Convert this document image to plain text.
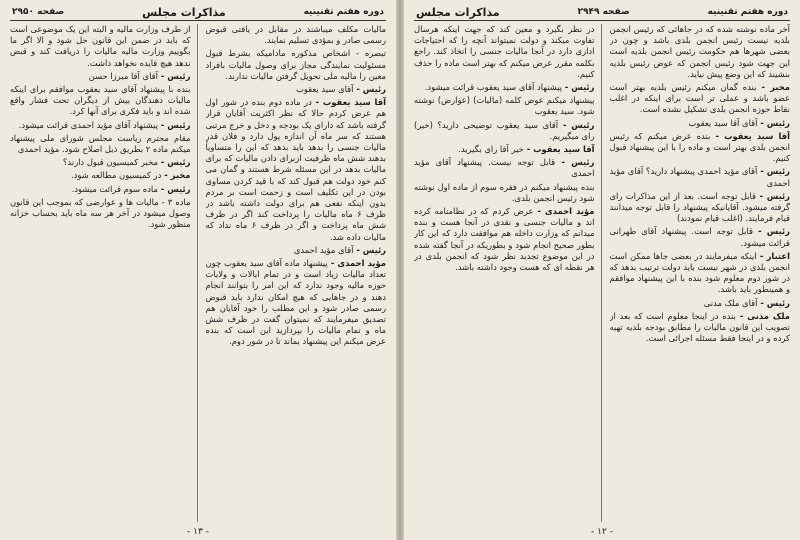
دوره هفتم تقنینیه
مذاکرات مجلس
صفحه ۲۹۵۰

مالیات مکلف میباشند در مقابل در یافتی قبوض رسمی صادر و بمؤدی تسلیم نمایند.

تبصره - اشخاص مذکوره مادامیکه بشرط قبول مسئولیت نمایندگی مجاز برای وصول مالیات بافراد معین را مالیه ملی تحویل گرفتن مالیات ندارند.

رئیس - آقای سید یعقوب

آقا سید یعقوب - در ماده دوم بنده در شور اول هم عرض کردم حالا که نظر اکثریت آقایان قرار گرفته باشد که دارای یک بودجه و دخل و خرج مرتبی هستند که سر ماه آن اندازه پول دارد و فلان قدر مالیات جنسی را بدهد باید بدهد که این را متساویاً بدهند شش ماه ظرفیت ازبرای دادن مالیات که برای مالیات بدهد در این مسئله شرط هستند و گمان می کنم خود دولت هم قبول کند که با قید کردن مساوی بودن در این تکلیف است و زحمت است بر مردم بدون اینکه نفعی هم برای دولت داشته باشد در ظرف ۶ ماه مالیات را پرداخت کند اگر در ظرف شش ماه پرداخت و اگر در ظرف ۶ ماه نداد که مالیات داده شد.

رئیس - آقای مؤید احمدی

مؤید احمدی - پیشنهاد ماده آقای سید یعقوب چون تعداد مالیات زیاد است و در تمام ایالات و ولایات حوزه مالیه وجود ندارد که این امر را بتوانند انجام دهند و در جاهایی که هیچ امکان ندارد باید قبوض رسمی صادر شود و این مطلب را خود آقایان هم تصدیق میفرمایند که نمیتوان گفت در ظرف شش ماه و تمام مالیات را بپردازید این است که بنده عرض میکنم این پیشنهاد بماند تا در شور دوم.

از طرف وزارت مالیه و البته این یک موضوعی است که باید در ضمن این قانون حل شود و الا اگر ما بگوییم وزارت مالیه مالیات را دریافت کند و قبض ندهد هیچ فایده نخواهد داشت.

رئیس - آقای آقا میرزا حسن

بنده با پیشنهاد آقای سید یعقوب موافقم برای اینکه مالیات دهندگان بیش از دیگران تحت فشار واقع شده اند و باید فکری برای آنها کرد.

رئیس - پیشنهاد آقای مؤید احمدی قرائت میشود.

مقام محترم ریاست مجلس شورای ملی پیشنهاد میکنم ماده ۲ بطریق ذیل اصلاح شود. مؤید احمدی

رئیس - مخبر کمیسیون قبول دارند؟

مخبر - در کمیسیون مطالعه شود.

رئیس - ماده سوم قرائت میشود.

ماده ۳ - مالیات ها و عوارضی که بموجب این قانون وصول میشود در آخر هر سه ماه باید بحساب خزانه منظور شود.

- ۱۳ -
دوره هفتم تقنینیه
صفحه ۲۹۴۹
مذاکرات مجلس

آخر ماده نوشته شده که در جاهائی که رئیس انجمن بلدیه نیست رئیس انجمن بلدی باشد و چون در بعضی شهرها هم حکومت رئیس انجمن بلدیه است این جهت شود رئیس انجمن که عوض رئیس بلدیه بنشیند که این وضع پیش نیاید.

مخبر - بنده گمان میکنم رئیس بلدیه بهتر است عضو باشد و عملی تر است برای اینکه در اغلب نقاط حوزه انجمن بلدی تشکیل نشده است.

رئیس - آقای آقا سید یعقوب

آقا سید یعقوب - بنده عرض میکنم که رئیس انجمن بلدی بهتر است و ماده را با این پیشنهاد قبول کنیم.

رئیس - آقای مؤید احمدی پیشنهاد دارید؟ آقای مؤید احمدی

رئیس - قابل توجه است. بعد از این مذاکرات رای گرفته میشود. آقایانیکه پیشنهاد را قابل توجه میدانند قیام فرمایند. (اغلب قیام نمودند)

رئیس - قابل توجه است. پیشنهاد آقای طهرانی قرائت میشود.

اعتبار - اینکه میفرمایند در بعضی جاها ممکن است انجمن بلدی در شهر نیست باید دولت ترتیب بدهد که در شور دوم معلوم شود بنده با این پیشنهاد موافقم و همینطور باید باشد.

رئیس - آقای ملک مدنی

ملک مدنی - بنده در اینجا معلوم است که بعد از تصویب این قانون مالیات را مطابق بودجه بلدیه تهیه کرده و در اینجا فقط مسئله اجرائی است.

در نظر بگیرد و معین کند که جهت اینکه هرسال تفاوت میکند و دولت نمیتواند آنچه را که احتیاجات اداری دارد در آنجا مالیات جنسی را اتخاذ کند. راجع بکلمه مقرر عرض میکنم که بهتر است ماده را حذف کنیم.

رئیس - پیشنهاد آقای سید یعقوب قرائت میشود.

پیشنهاد میکنم عوض کلمه (مالیات) (عوارض) نوشته شود. سید یعقوب

رئیس - آقای سید یعقوب توضیحی دارید؟ (خیر) رای میگیریم.

آقا سید یعقوب - خیر آقا رای بگیرید.

رئیس - قابل توجه نیست. پیشنهاد آقای مؤید احمدی

بنده پیشنهاد میکنم در فقره سوم از ماده اول نوشته شود رئیس انجمن بلدی.

مؤید احمدی - عرض کردم که در نظامنامه کرده اند و مالیات جنسی و نقدی در آنجا هست و بنده میدانم که وزارت داخله هم موافقت دارد که این کار بطور صحیح انجام شود و بطوریکه در آنجا گفته شده در این موضوع تجدید نظر شود که انجمن بلدی در هر نقطه ای که هست وجود داشته باشد.

- ۱۲ -
